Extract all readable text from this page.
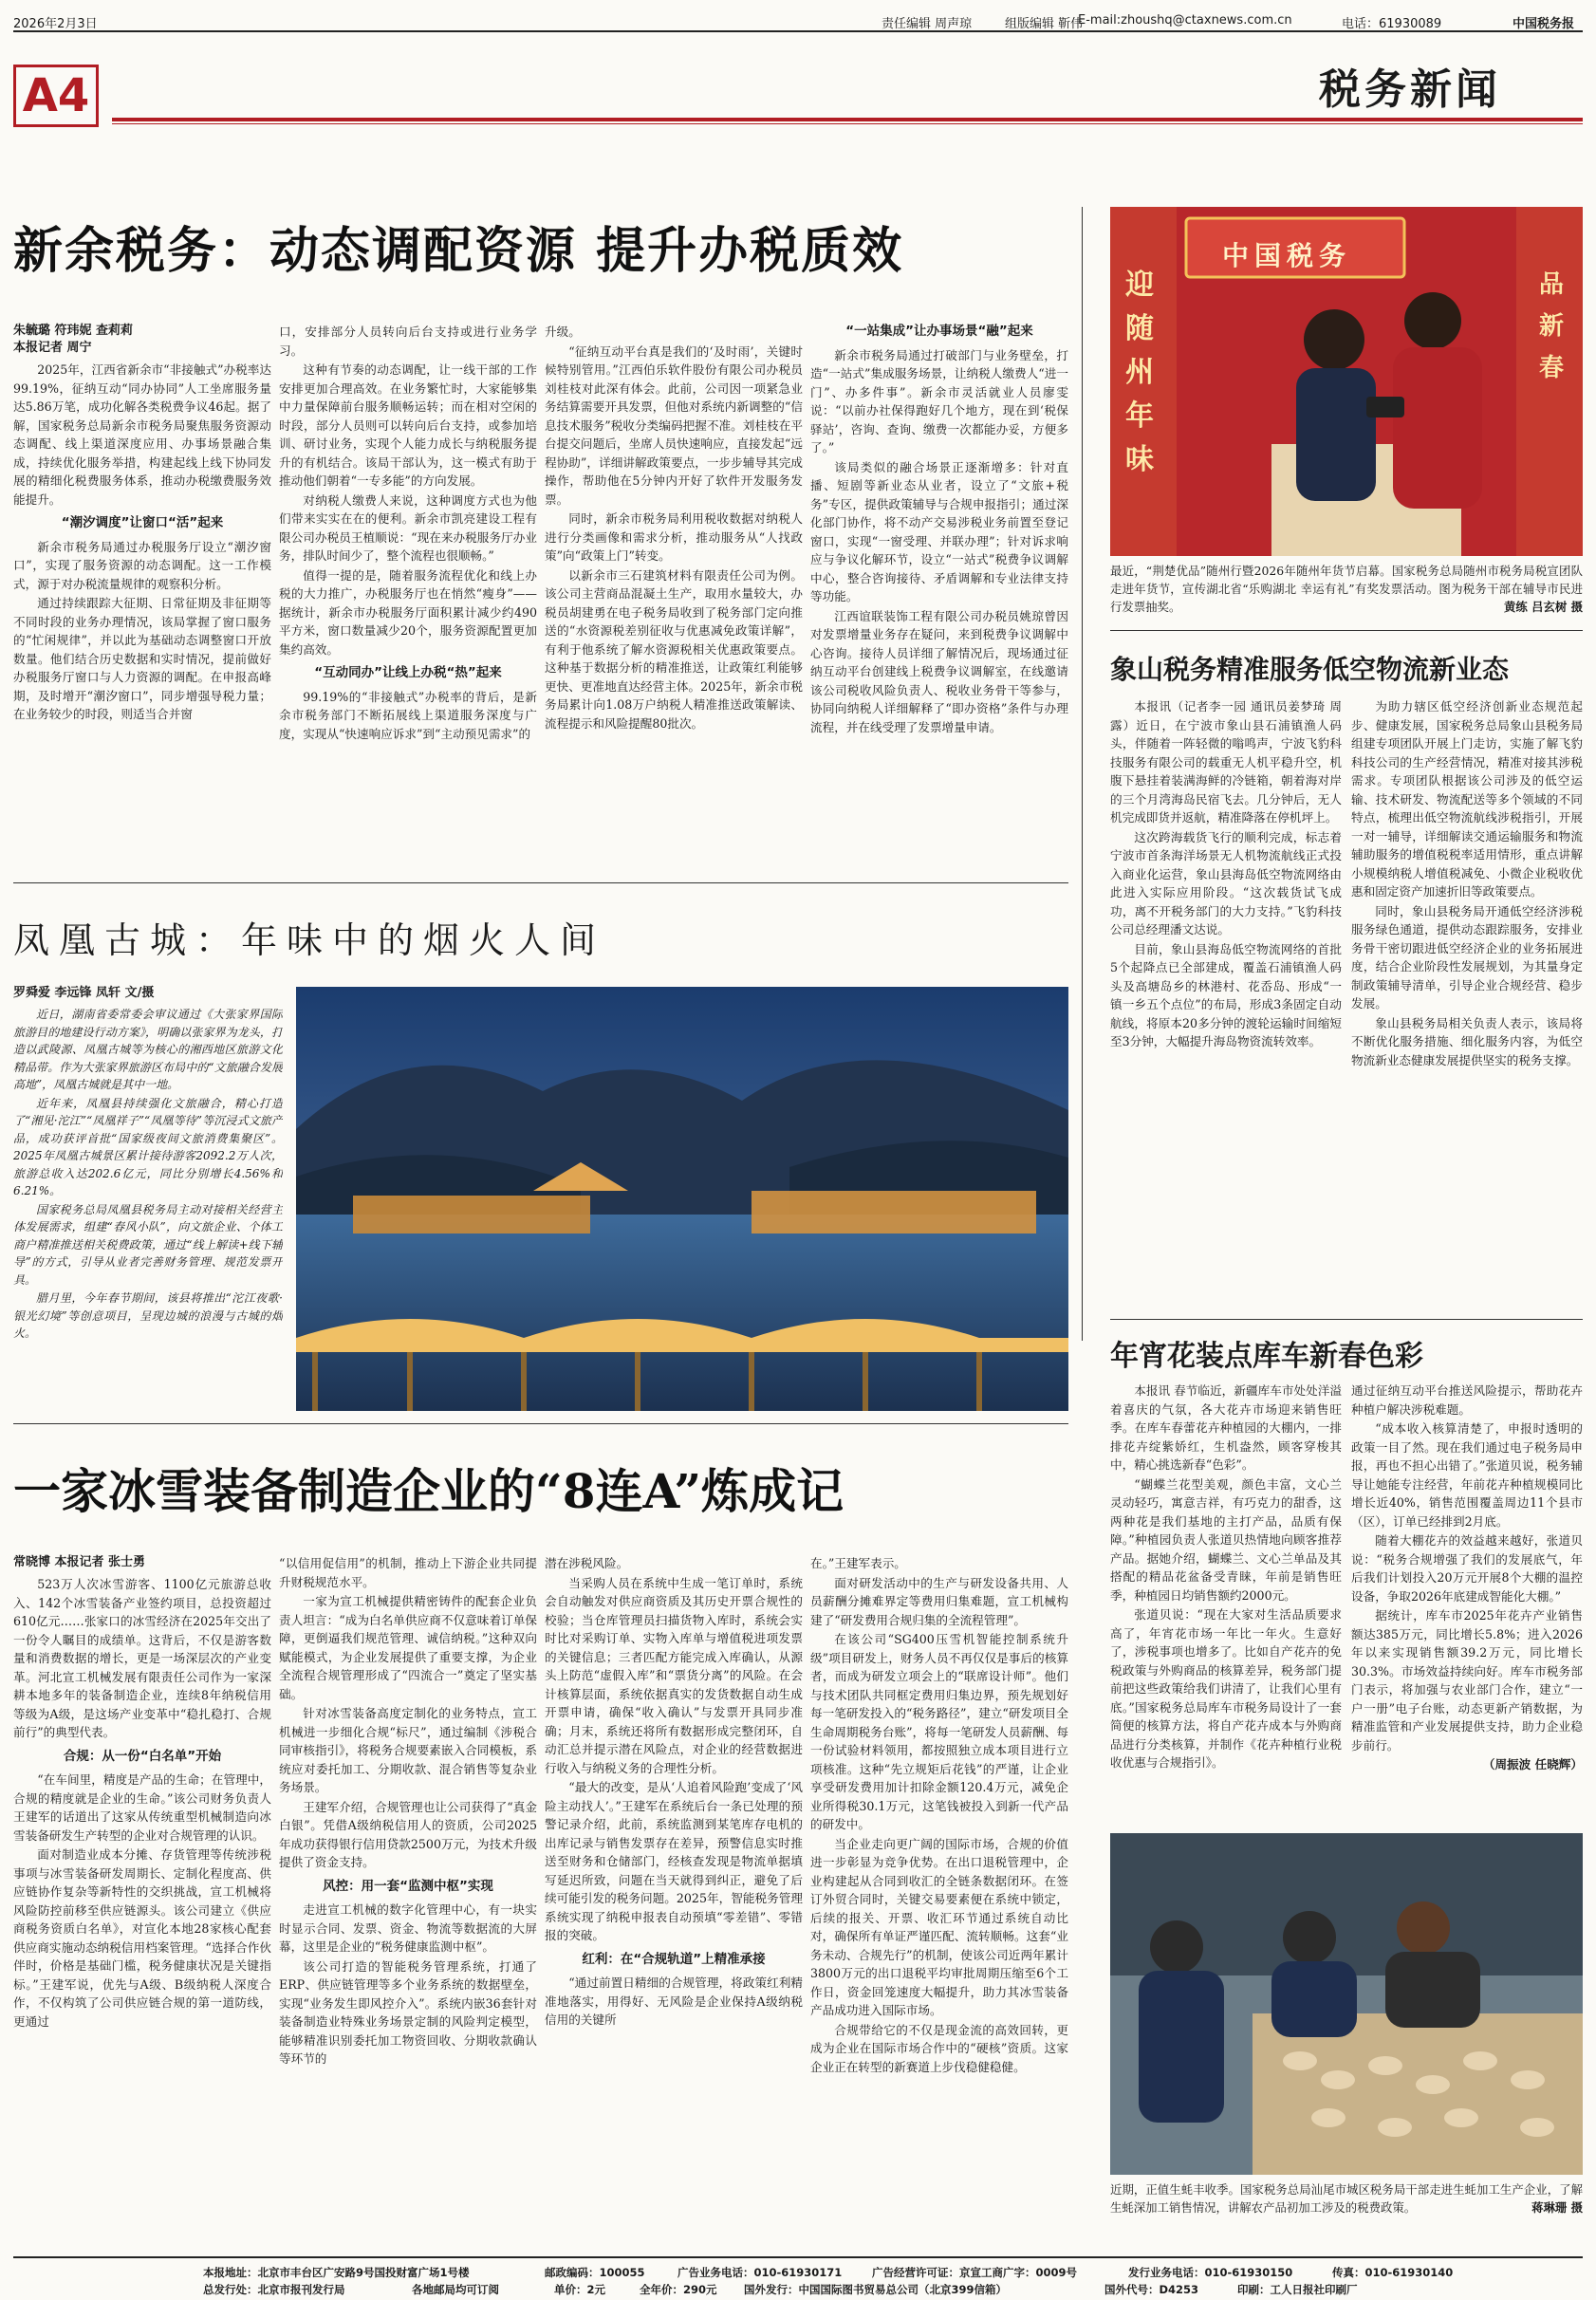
2026年2月3日	责任编辑 周声琼	组版编辑 靳伟
E-mail:zhoushq@ctaxnews.com.cn	电话：61930089	中国税务报
A4	税务新闻
新余税务：动态调配资源 提升办税质效
朱毓璐 符玮妮 查莉莉
本报记者 周宁

2025年，江西省新余市“非接触式”办税率达99.19%，征纳互动“同办协同”人工坐席服务量达5.86万笔，成功化解各类税费争议46起。据了解，国家税务总局新余市税务局聚焦服务资源动态调配、线上渠道深度应用、办事场景融合集成，持续优化服务举措，构建起线上线下协同发展的精细化税费服务体系，推动办税缴费服务效能提升。

“潮汐调度”让窗口“活”起来

新余市税务局通过办税服务厅设立“潮汐窗口”，实现了服务资源的动态调配。这一工作模式，源于对办税流量规律的观察积分析。

通过持续跟踪大征期、日常征期及非征期等不同时段的业务办理情况，该局掌握了窗口服务的“忙闲规律”，并以此为基础动态调整窗口开放数量。他们结合历史数据和实时情况，提前做好办税服务厅窗口与人力资源的调配。在申报高峰期，及时增开“潮汐窗口”，同步增强导税力量；在业务较少的时段，则适当合并窗

口，安排部分人员转向后台支持或进行业务学习。

这种有节奏的动态调配，让一线干部的工作安排更加合理高效。在业务繁忙时，大家能够集中力量保障前台服务顺畅运转；而在相对空闲的时段，部分人员则可以转向后台支持，或参加培训、研讨业务，实现个人能力成长与纳税服务提升的有机结合。该局干部认为，这一模式有助于推动他们朝着“一专多能”的方向发展。

对纳税人缴费人来说，这种调度方式也为他们带来实实在在的便利。新余市凯亮建设工程有限公司办税员王植顺说：“现在来办税服务厅办业务，排队时间少了，整个流程也很顺畅。”

值得一提的是，随着服务流程优化和线上办税的大力推广，办税服务厅也在悄然“瘦身”——据统计，新余市办税服务厅面积累计减少约490平方米，窗口数量减少20个，服务资源配置更加集约高效。

“互动同办”让线上办税“热”起来

99.19%的“非接触式”办税率的背后，是新余市税务部门不断拓展线上渠道服务深度与广度，实现从“快速响应诉求”到“主动预见需求”的

升级。

“征纳互动平台真是我们的‘及时雨’，关键时候特别管用。”江西伯乐软件股份有限公司办税员刘桂枝对此深有体会。此前，公司因一项紧急业务结算需要开具发票，但他对系统内新调整的“信息技术服务”税收分类编码把握不准。刘桂枝在平台提交问题后，坐席人员快速响应，直接发起“远程协助”，详细讲解政策要点，一步步辅导其完成操作，帮助他在5分钟内开好了软件开发服务发票。

同时，新余市税务局利用税收数据对纳税人进行分类画像和需求分析，推动服务从“人找政策”向“政策上门”转变。

以新余市三石建筑材料有限责任公司为例。该公司主营商品混凝土生产，取用水量较大，办税员胡建勇在电子税务局收到了税务部门定向推送的“水资源税差别征收与优惠减免政策详解”，有利于他系统了解水资源税相关优惠政策要点。这种基于数据分析的精准推送，让政策红利能够更快、更准地直达经营主体。2025年，新余市税务局累计向1.08万户纳税人精准推送政策解读、流程提示和风险提醒80批次。

“一站集成”让办事场景“融”起来

新余市税务局通过打破部门与业务壁垒，打造“一站式”集成服务场景，让纳税人缴费人“进一门”、办多件事”。新余市灵活就业人员廖雯说：“以前办社保得跑好几个地方，现在到‘税保驿站’，咨询、查询、缴费一次都能办妥，方便多了。”

该局类似的融合场景正逐渐增多：针对直播、短剧等新业态从业者，设立了“文旅+税务”专区，提供政策辅导与合规申报指引；通过深化部门协作，将不动产交易涉税业务前置至登记窗口，实现“一窗受理、并联办理”；针对诉求响应与争议化解环节，设立“一站式”税费争议调解中心，整合咨询接待、矛盾调解和专业法律支持等功能。

江西谊联装饰工程有限公司办税员姚琼曾因对发票增量业务存在疑问，来到税费争议调解中心咨询。接待人员详细了解情况后，现场通过征纳互动平台创建线上税费争议调解室，在线邀请该公司税收风险负责人、税收业务骨干等参与，协同向纳税人详细解释了“即办资格”条件与办理流程，并在线受理了发票增量申请。

中国税务
迎随州年味
品新春
最近，“荆楚优品”随州行暨2026年随州年货节启幕。国家税务总局随州市税务局税宣团队走进年货节，宣传湖北省“乐购湖北 幸运有礼”有奖发票活动。图为税务干部在辅导市民进行发票抽奖。	黄练 吕玄树 摄
象山税务精准服务低空物流新业态

本报讯（记者李一园 通讯员姜梦琦 周露）近日，在宁波市象山县石浦镇渔人码头，伴随着一阵轻微的嗡鸣声，宁波飞豹科技服务有限公司的载重无人机平稳升空，机腹下悬挂着装满海鲜的冷链箱，朝着海对岸的三个月湾海岛民宿飞去。几分钟后，无人机完成即货并返航，精准降落在停机坪上。

这次跨海载货飞行的顺利完成，标志着宁波市首条海洋场景无人机物流航线正式投入商业化运营，象山县海岛低空物流网络由此进入实际应用阶段。“这次载货试飞成功，离不开税务部门的大力支持。”飞豹科技公司总经理潘文达说。

目前，象山县海岛低空物流网络的首批5个起降点已全部建成，覆盖石浦镇渔人码头及高塘岛乡的林港村、花岙岛、形成“一镇一乡五个点位”的布局，形成3条固定自动航线，将原本20多分钟的渡轮运输时间缩短至3分钟，大幅提升海岛物资流转效率。

为助力辖区低空经济创新业态规范起步、健康发展，国家税务总局象山县税务局组建专项团队开展上门走访，实施了解飞豹科技公司的生产经营情况，精准对接其涉税需求。专项团队根据该公司涉及的低空运输、技术研发、物流配送等多个领域的不同特点，梳理出低空物流航线涉税指引，开展一对一辅导，详细解读交通运输服务和物流辅助服务的增值税税率适用情形，重点讲解小规模纳税人增值税减免、小微企业税收优惠和固定资产加速折旧等政策要点。

同时，象山县税务局开通低空经济涉税服务绿色通道，提供动态跟踪服务，安排业务骨干密切跟进低空经济企业的业务拓展进度，结合企业阶段性发展规划，为其量身定制政策辅导清单，引导企业合规经营、稳步发展。

象山县税务局相关负责人表示，该局将不断优化服务措施、细化服务内容，为低空物流新业态健康发展提供坚实的税务支撑。

凤凰古城：年味中的烟火人间
罗舜爱 李远锋 凤轩 文/摄

近日，湖南省委常委会审议通过《大张家界国际旅游目的地建设行动方案》，明确以张家界为龙头，打造以武陵源、凤凰古城等为核心的湘西地区旅游文化精品带。作为大张家界旅游区布局中的“文旅融合发展高地”，凤凰古城就是其中一地。

近年来，凤凰县持续强化文旅融合，精心打造了“湘见·沱江”“凤凰祥子”“凤凰等待”等沉浸式文旅产品，成功获评首批“国家级夜间文旅消费集聚区”。2025年凤凰古城景区累计接待游客2092.2万人次，旅游总收入达202.6亿元，同比分别增长4.56%和6.21%。

国家税务总局凤凰县税务局主动对接相关经营主体发展需求，组建“春风小队”，向文旅企业、个体工商户精准推送相关税费政策，通过“线上解读+线下辅导”的方式，引导从业者完善财务管理、规范发票开具。

腊月里，今年春节期间，该县将推出“沱江夜歌·银光幻境”等创意项目，呈现边城的浪漫与古城的烟火。

年宵花装点库车新春色彩

本报讯 春节临近，新疆库车市处处洋溢着喜庆的气氛，各大花卉市场迎来销售旺季。在库车春蕾花卉种植园的大棚内，一排排花卉绽紫娇红，生机盎然，顾客穿梭其中，精心挑选新春“色彩”。

“蝴蝶兰花型美观，颜色丰富，文心兰灵动轻巧，寓意吉祥，有巧克力的甜香，这两种花是我们基地的主打产品，品质有保障。”种植园负责人张道贝热情地向顾客推荐产品。据她介绍，蝴蝶兰、文心兰单品及其搭配的精品花盆备受青睐，年前是销售旺季，种植园日均销售额约2000元。

张道贝说：“现在大家对生活品质要求高了，年宵花市场一年比一年火。生意好了，涉税事项也增多了。比如自产花卉的免税政策与外购商品的核算差异，税务部门提前把这些政策给我们讲清了，让我们心里有底。”国家税务总局库车市税务局设计了一套简便的核算方法，将自产花卉成本与外购商品进行分类核算，并制作《花卉种植行业税收优惠与合规指引》。

通过征纳互动平台推送风险提示，帮助花卉种植户解决涉税难题。

“成本收入核算清楚了，申报时透明的政策一目了然。现在我们通过电子税务局申报，再也不担心出错了。”张道贝说，税务辅导让她能专注经营，年前花卉种植规模同比增长近40%，销售范围覆盖周边11个县市（区），订单已经排到2月底。

随着大棚花卉的效益越来越好，张道贝说：“税务合规增强了我们的发展底气，年后我们计划投入20万元开展8个大棚的温控设备，争取2026年底建成智能化大棚。”

据统计，库车市2025年花卉产业销售额达385万元，同比增长5.8%；进入2026年以来实现销售额39.2万元，同比增长30.3%。市场效益持续向好。库车市税务部门表示，将加强与农业部门合作，建立“一户一册”电子台账，动态更新产销数据，为精准监管和产业发展提供支持，助力企业稳步前行。

（周振波 任晓辉）
近期，正值生蚝丰收季。国家税务总局汕尾市城区税务局干部走进生蚝加工生产企业，了解生蚝深加工销售情况，讲解农产品初加工涉及的税费政策。	蒋琳珊 摄
一家冰雪装备制造企业的“8连A”炼成记
常晓博 本报记者 张士勇

523万人次冰雪游客、1100亿元旅游总收入、142个冰雪装备产业签约项目，总投资超过610亿元……张家口的冰雪经济在2025年交出了一份令人瞩目的成绩单。这背后，不仅是游客数量和消费数据的增长，更是一场深层次的产业变革。河北宣工机械发展有限责任公司作为一家深耕本地多年的装备制造企业，连续8年纳税信用等级为A级，是这场产业变革中“稳扎稳打、合规前行”的典型代表。

合规：从一份“白名单”开始

“在车间里，精度是产品的生命；在管理中，合规的精度就是企业的生命。”该公司财务负责人王建军的话道出了这家从传统重型机械制造向冰雪装备研发生产转型的企业对合规管理的认识。

面对制造业成本分摊、存货管理等传统涉税事项与冰雪装备研发周期长、定制化程度高、供应链协作复杂等新特性的交织挑战，宣工机械将风险防控前移至供应链源头。该公司建立《供应商税务资质白名单》，对宣化本地28家核心配套供应商实施动态纳税信用档案管理。“选择合作伙伴时，价格是基础门槛，税务健康状况是关键指标。”王建军说，优先与A级、B级纳税人深度合作，不仅构筑了公司供应链合规的第一道防线，更通过

“以信用促信用”的机制，推动上下游企业共同提升财税规范水平。

一家为宣工机械提供精密铸件的配套企业负责人坦言：“成为白名单供应商不仅意味着订单保障，更倒逼我们规范管理、诚信纳税。”这种双向赋能模式，为企业发展提供了重要支撑，为企业全流程合规管理形成了“四流合一”奠定了坚实基础。

针对冰雪装备高度定制化的业务特点，宣工机械进一步细化合规“标尺”，通过编制《涉税合同审核指引》，将税务合规要素嵌入合同模板，系统应对委托加工、分期收款、混合销售等复杂业务场景。

王建军介绍，合规管理也让公司获得了“真金白银”。凭借A级纳税信用人的资质，公司2025年成功获得银行信用贷款2500万元，为技术升级提供了资金支持。

风控：用一套“监测中枢”实现

走进宣工机械的数字化管理中心，有一块实时显示合同、发票、资金、物流等数据流的大屏幕，这里是企业的“税务健康监测中枢”。

该公司打造的智能税务管理系统，打通了ERP、供应链管理等多个业务系统的数据壁垒，实现“业务发生即风控介入”。系统内嵌36套针对装备制造业特殊业务场景定制的风险判定模型，能够精准识别委托加工物资回收、分期收款确认等环节的

潜在涉税风险。

当采购人员在系统中生成一笔订单时，系统会自动触发对供应商资质及其历史开票合规性的校验；当仓库管理员扫描货物入库时，系统会实时比对采购订单、实物入库单与增值税进项发票的关键信息；三者匹配方能完成入库确认，从源头上防范“虚假入库”和“票货分离”的风险。在会计核算层面，系统依据真实的发货数据自动生成开票申请，确保“收入确认”与发票开具同步准确；月末，系统还将所有数据形成完整闭环，自动汇总并提示潜在风险点，对企业的经营数据进行收入与纳税义务的合理性分析。

“最大的改变，是从‘人追着风险跑’变成了‘风险主动找人’。”王建军在系统后台一条已处理的预警记录介绍，此前，系统监测到某笔库存电机的出库记录与销售发票存在差异，预警信息实时推送至财务和仓储部门，经核查发现是物流单据填写延迟所致，问题在当天就得到纠正，避免了后续可能引发的税务问题。2025年，智能税务管理系统实现了纳税申报表自动预填“零差错”、零错报的突破。

红利：在“合规轨道”上精准承接

“通过前置日精细的合规管理，将政策红利精准地落实，用得好、无风险是企业保持A级纳税信用的关键所

在。”王建军表示。

面对研发活动中的生产与研发设备共用、人员薪酬分摊难界定等费用归集难题，宣工机械构建了“研发费用合规归集的全流程管理”。

在该公司“SG400压雪机智能控制系统升级”项目研发上，财务人员不再仅仅是事后的核算者，而成为研发立项会上的“联席设计师”。他们与技术团队共同框定费用归集边界，预先规划好每一笔研发投入的“税务路径”，建立“研发项目全生命周期税务台账”，将每一笔研发人员薪酬、每一份试验材料领用，都按照独立成本项目进行立项核准。这种“先立规矩后花钱”的严谨，让企业享受研发费用加计扣除金额120.4万元，减免企业所得税30.1万元，这笔钱被投入到新一代产品的研发中。

当企业走向更广阔的国际市场，合规的价值进一步彰显为竞争优势。在出口退税管理中，企业构建起从合同到收汇的全链条数据闭环。在签订外贸合同时，关键交易要素便在系统中锁定，后续的报关、开票、收汇环节通过系统自动比对，确保所有单证严谨匹配、流转顺畅。这套“业务未动、合规先行”的机制，使该公司近两年累计3800万元的出口退税平均审批周期压缩至6个工作日，资金回笼速度大幅提升，助力其冰雪装备产品成功进入国际市场。

合规带给它的不仅是现金流的高效回转，更成为企业在国际市场合作中的“硬核”资质。这家企业正在转型的新赛道上步伐稳健稳健。

本报地址：北京市丰台区广安路9号国投财富广场1号楼	邮政编码：100055	广告业务电话：010-61930171	广告经营许可证：京宣工商广字：0009号	发行业务电话：010-61930150	传真：010-61930140
总发行处：北京市报刊发行局	各地邮局均可订阅	单价：2元	全年价：290元 国外发行：中国国际图书贸易总公司（北京399信箱）	国外代号：D4253	印刷：工人日报社印刷厂
